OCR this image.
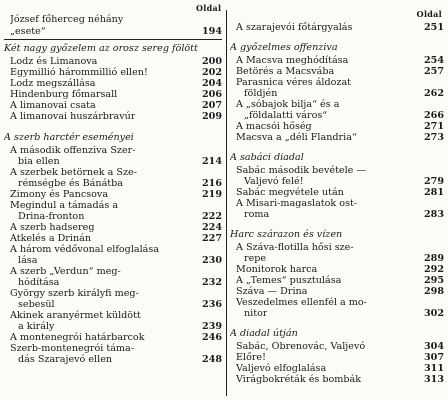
Oldal
Oldal
József főherceg néhány
„esete“	194
Két nagy győzelem az orosz sereg fölött
Lodz és Limanova	200
Egymillió hárommillió ellen!	202
Lodz megszállása	204
Hindenburg főmarsall	206
A limanovai csata	207
A limanovai huszárbravúr	209
A szerb harctér eseményei
A második offenziva Szer-
bia ellen	214
A szerbek betörnek a Sze-
rémségbe és Bánátba	216
Zimony és Pancsova	219
Megindul a támadás a
Drina-fronton	222
A szerb hadsereg	224
Átkelés a Drinán	227
A három védővonal elfoglalása
lása	230
A szerb „Verdun“ meg-
hódítása	232
György szerb királyfi meg-
sebesül	236
Akinek aranyérmet küldött
a király	239
A montenegrói határbarcok	246
Szerb-montenegrói táma-
dás Szarajevó ellen	248
A szarajevói főtárgyalás	251
A győzelmes offenziva
A Macsva meghódítása	254
Betörés a Macsvába	257
Parasnica véres áldozat
földjén	262
A „sóbajok bilja“ és a
„földalatti város“	266
A macsói hőség	271
Macsva a „déli Flandria“	273
A sabáci diadal
Sabác második bevétele —
Valjevó felé!	279
Sabác megvétele után	281
A Misari-magaslatok ost-
roma	283
Harc szárazon és vízen
A Száva-flotilla hősi sze-
repe	289
Monitorok harca	292
A „Temes“ pusztulása	295
Száva — Drina	298
Veszedelmes ellenfél a mo-
nitor	302
A diadal útján
Sabác, Obrenovác, Valjevó	304
Előre!	307
Valjevó elfoglalása	311
Virágbokréták és bombák	313
